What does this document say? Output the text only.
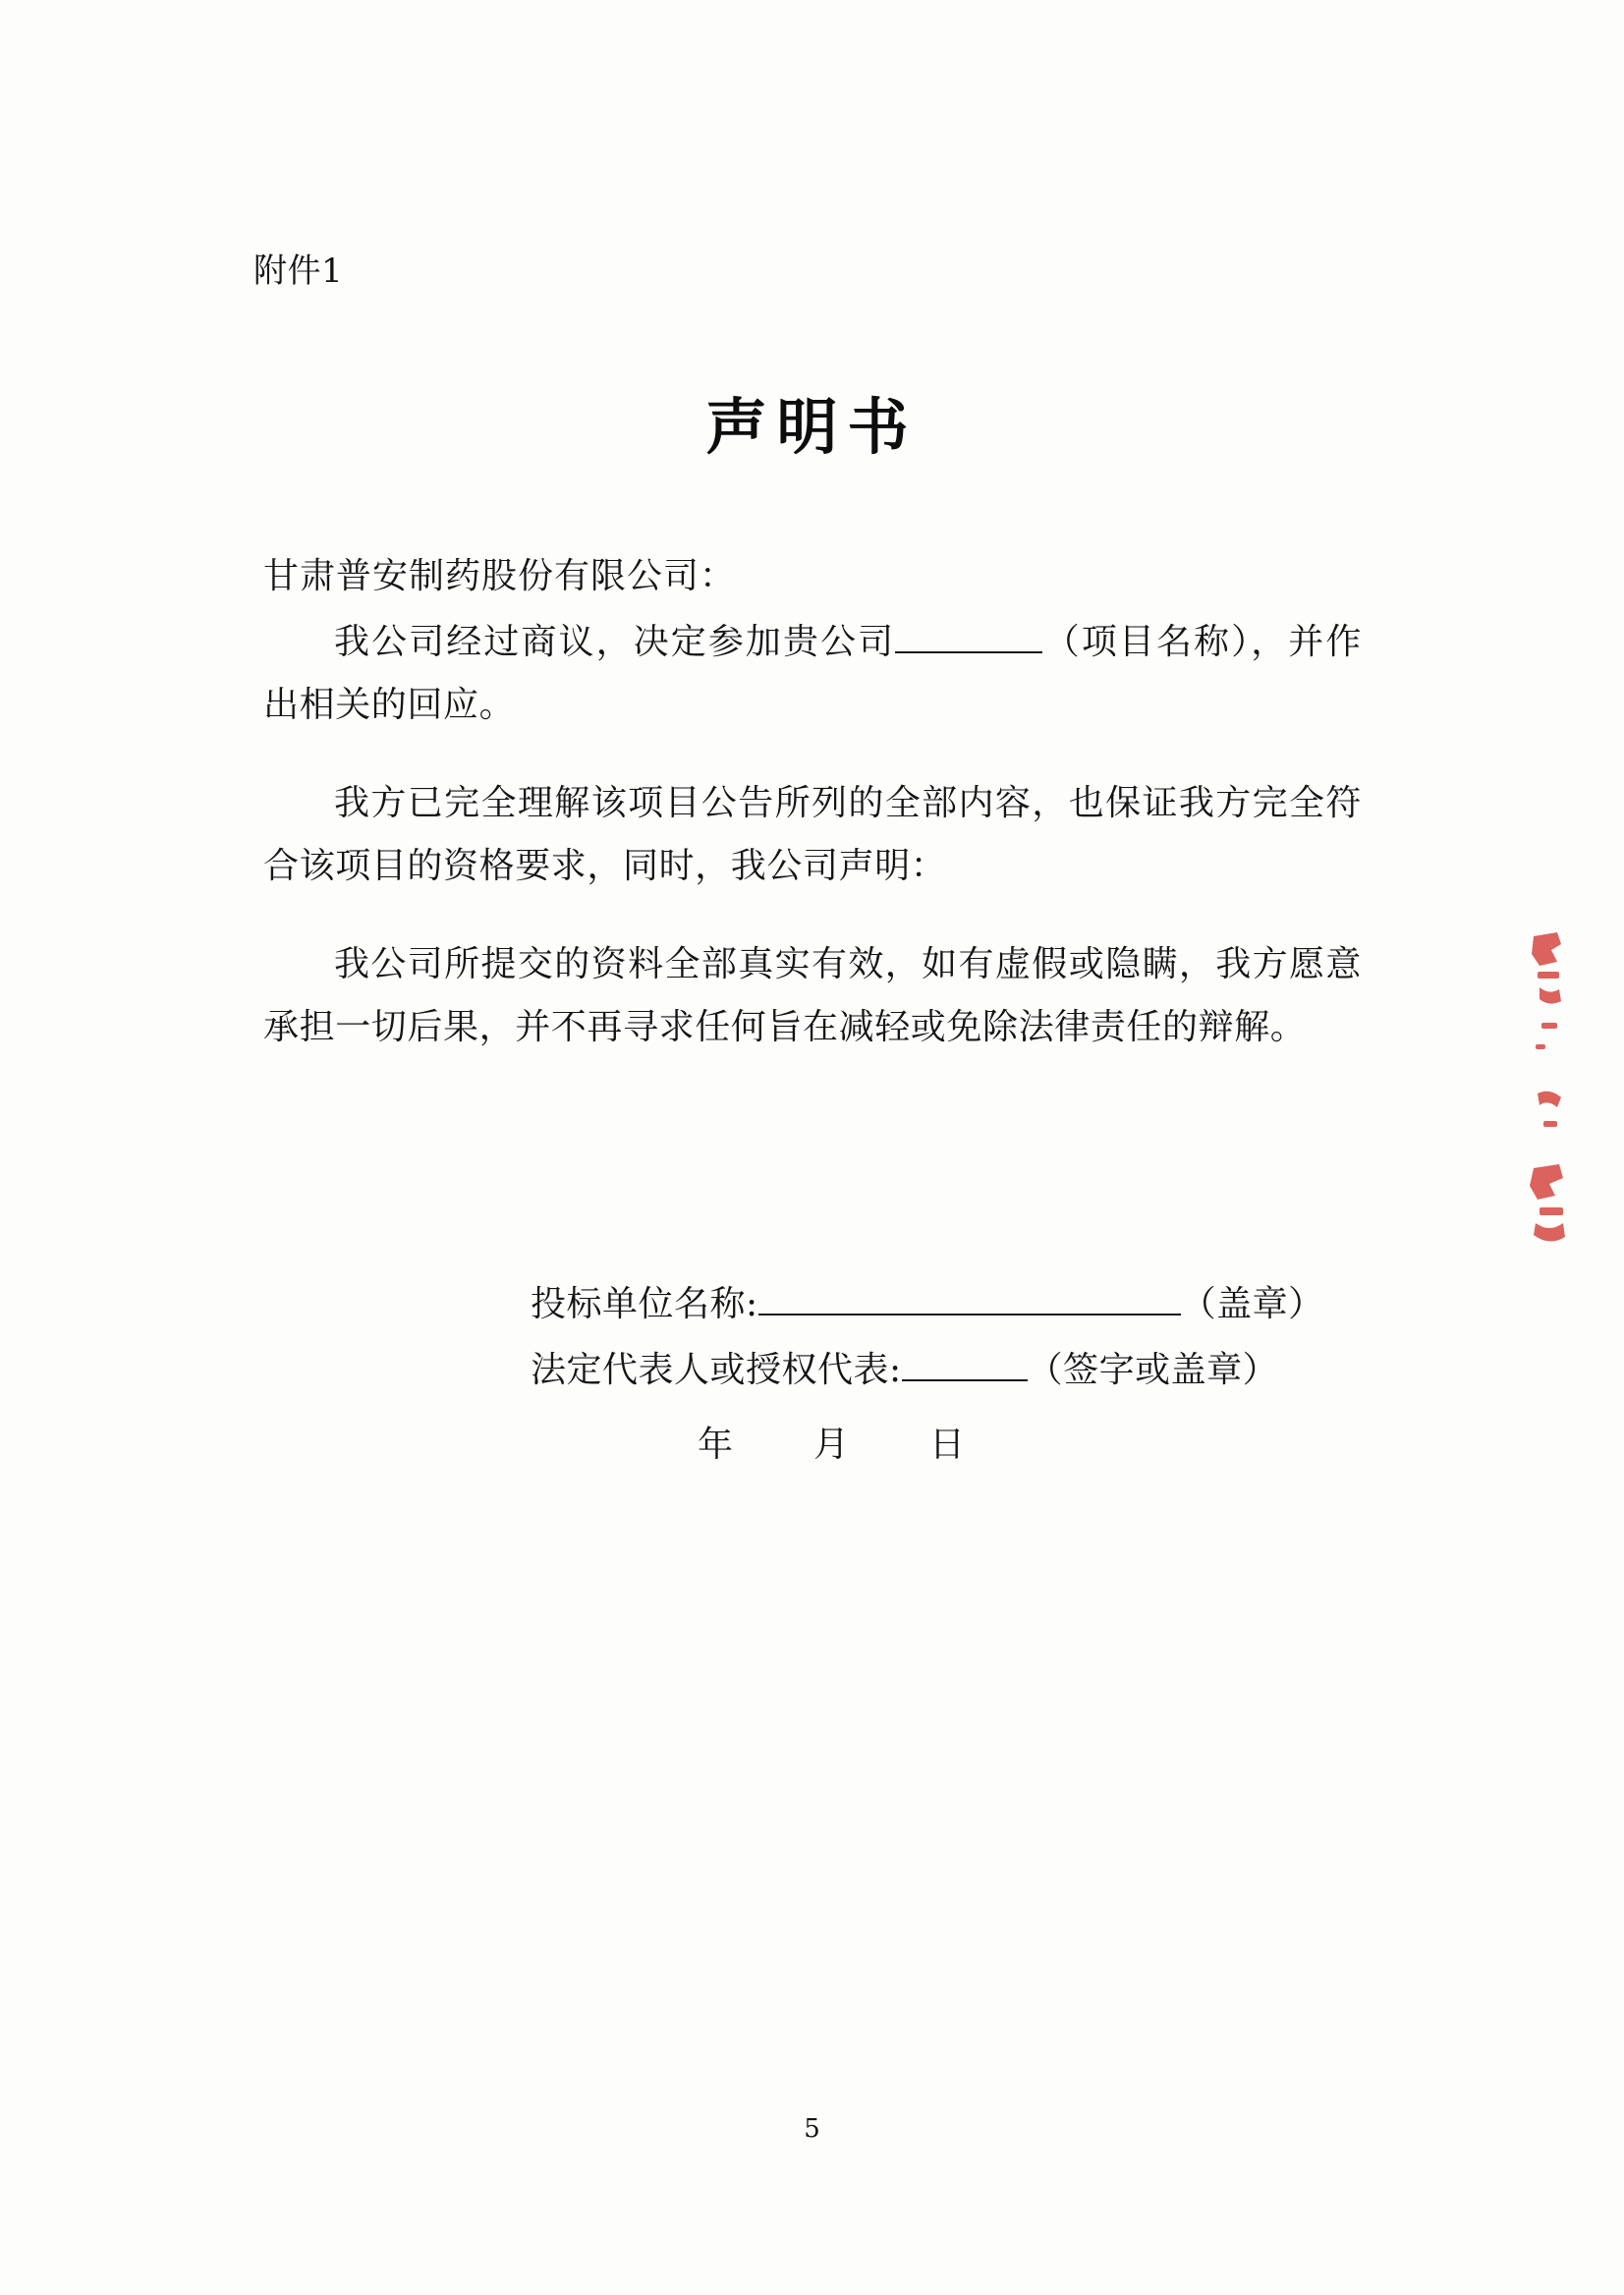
附件1
声明书
甘肃普安制药股份有限公司：

我公司经过商议，决定参加贵公司	（项目名称），并作出相关的回应。

我方已完全理解该项目公告所列的全部内容，也保证我方完全符合该项目的资格要求，同时，我公司声明：

我公司所提交的资料全部真实有效，如有虚假或隐瞒，我方愿意承担一切后果，并不再寻求任何旨在减轻或免除法律责任的辩解。

投标单位名称:	（盖章）
法定代表人或授权代表:	（签字或盖章）
年 月 日
5
